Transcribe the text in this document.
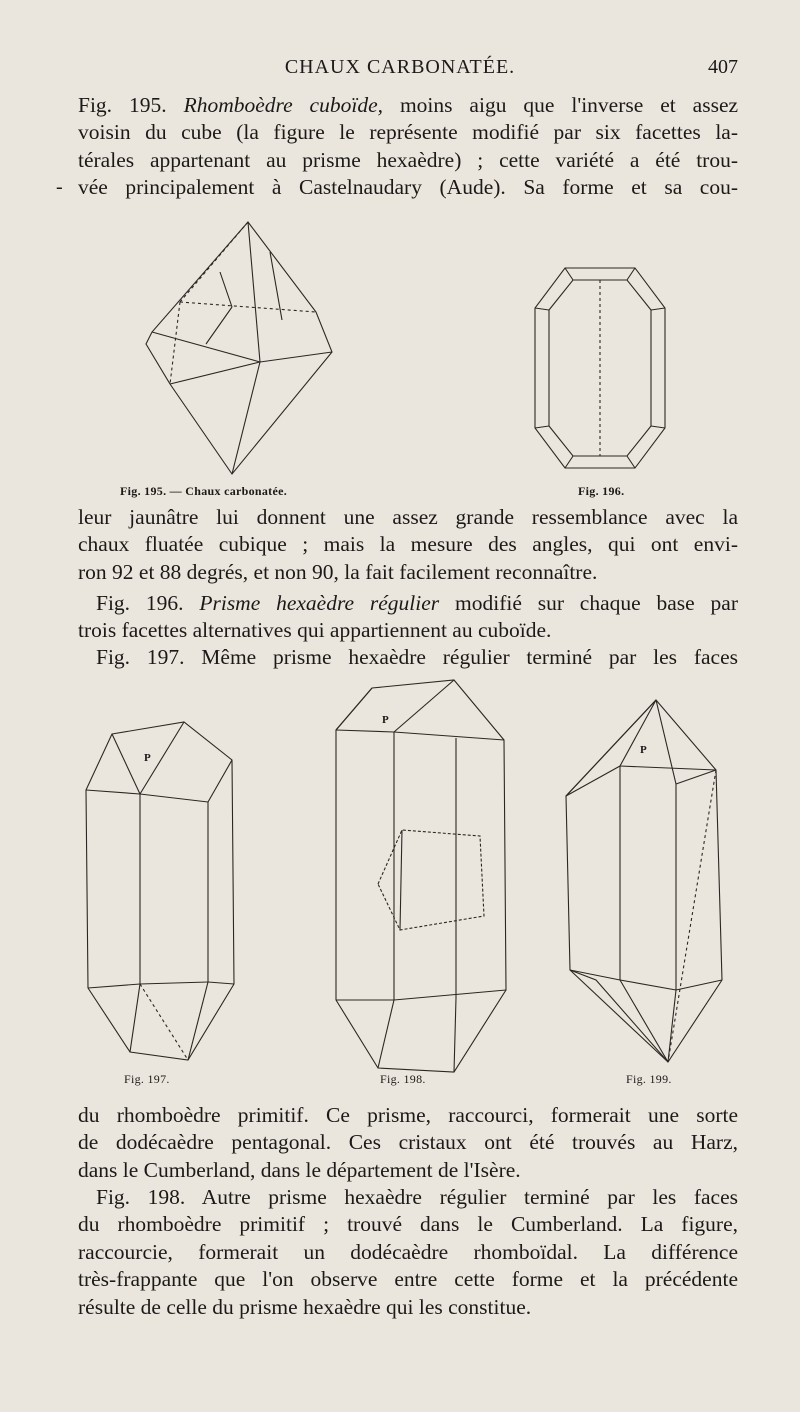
CHAUX CARBONATÉE.	407
Fig. 195. Rhomboèdre cuboïde, moins aigu que l'inverse et assez
voisin du cube (la figure le représente modifié par six facettes la-
térales appartenant au prisme hexaèdre) ; cette variété a été trou-
vée principalement à Castelnaudary (Aude). Sa forme et sa cou-
-
Fig. 195. — Chaux carbonatée.	Fig. 196.
leur jaunâtre lui donnent une assez grande ressemblance avec la
chaux fluatée cubique ; mais la mesure des angles, qui ont envi-
ron 92 et 88 degrés, et non 90, la fait facilement reconnaître.
Fig. 196. Prisme hexaèdre régulier modifié sur chaque base par
trois facettes alternatives qui appartiennent au cuboïde.
Fig. 197. Même prisme hexaèdre régulier terminé par les faces
P
Fig. 197.
P
Fig. 198.
P
Fig. 199.
du rhomboèdre primitif. Ce prisme, raccourci, formerait une sorte
de dodécaèdre pentagonal. Ces cristaux ont été trouvés au Harz,
dans le Cumberland, dans le département de l'Isère.
Fig. 198. Autre prisme hexaèdre régulier terminé par les faces
du rhomboèdre primitif ; trouvé dans le Cumberland. La figure,
raccourcie, formerait un dodécaèdre rhomboïdal. La différence
très-frappante que l'on observe entre cette forme et la précédente
résulte de celle du prisme hexaèdre qui les constitue.
